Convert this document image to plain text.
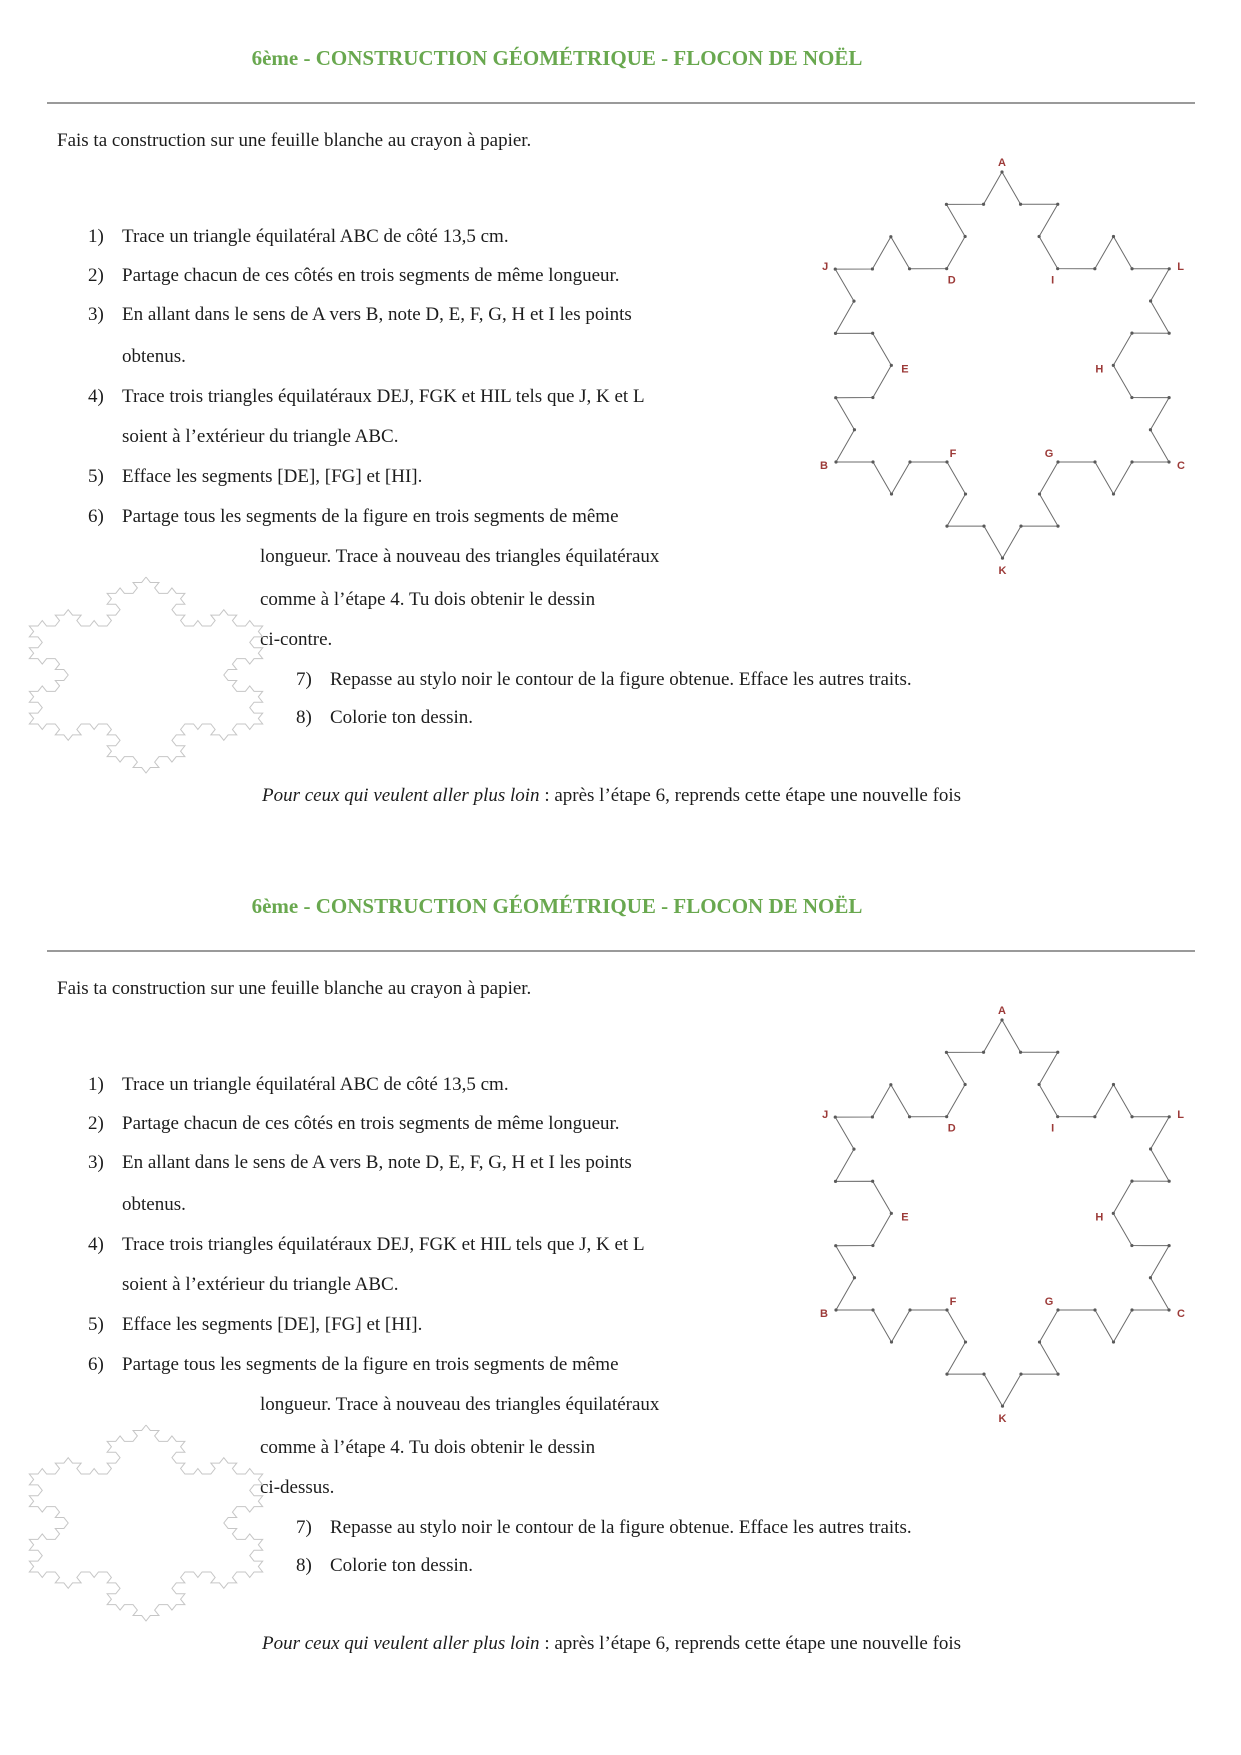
6ème - CONSTRUCTION GÉOMÉTRIQUE - FLOCON DE NOËL
Fais ta construction sur une feuille blanche au crayon à papier.
1) Trace un triangle équilatéral ABC de côté 13,5 cm.
2) Partage chacun de ces côtés en trois segments de même longueur.
3) En allant dans le sens de A vers B, note D, E, F, G, H et I les points
obtenus.
4) Trace trois triangles équilatéraux DEJ, FGK et HIL tels que J, K et L
soient à l’extérieur du triangle ABC.
5) Efface les segments [DE], [FG] et [HI].
6) Partage tous les segments de la figure en trois segments de même
longueur. Trace à nouveau des triangles équilatéraux
comme à l’étape 4. Tu dois obtenir le dessin
ci-contre.
7) Repasse au stylo noir le contour de la figure obtenue. Efface les autres traits.
8) Colorie ton dessin.
Pour ceux qui veulent aller plus loin : après l’étape 6, reprends cette étape une nouvelle fois
A
B	C
D
E
F	G
H
I
J
K
L
6ème - CONSTRUCTION GÉOMÉTRIQUE - FLOCON DE NOËL
Fais ta construction sur une feuille blanche au crayon à papier.
1) Trace un triangle équilatéral ABC de côté 13,5 cm.
2) Partage chacun de ces côtés en trois segments de même longueur.
3) En allant dans le sens de A vers B, note D, E, F, G, H et I les points
obtenus.
4) Trace trois triangles équilatéraux DEJ, FGK et HIL tels que J, K et L
soient à l’extérieur du triangle ABC.
5) Efface les segments [DE], [FG] et [HI].
6) Partage tous les segments de la figure en trois segments de même
longueur. Trace à nouveau des triangles équilatéraux
comme à l’étape 4. Tu dois obtenir le dessin
ci-dessus.
7) Repasse au stylo noir le contour de la figure obtenue. Efface les autres traits.
8) Colorie ton dessin.
Pour ceux qui veulent aller plus loin : après l’étape 6, reprends cette étape une nouvelle fois
A
B	C
D
E
F	G
H
I
J
K
L
